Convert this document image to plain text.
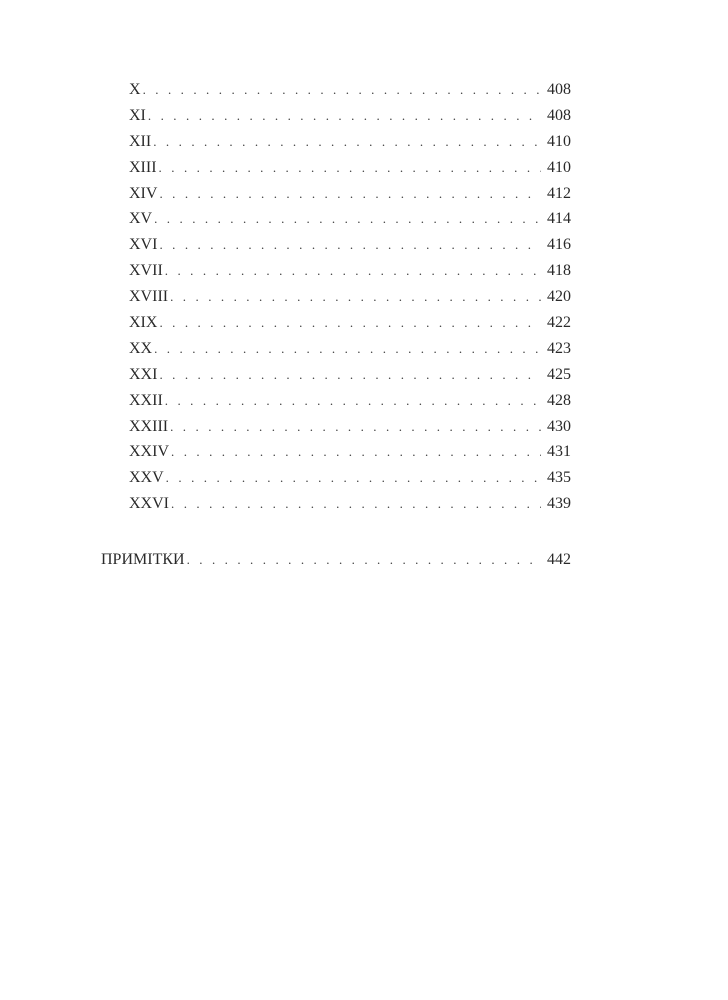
X . . .	408
XI . . .	408
XII . . .	410
XIII . . .	410
XIV . . .	412
XV . . .	414
XVI . . .	416
XVII . . .	418
XVIII . . .	420
XIX . . .	422
XX . . .	423
XXI . . .	425
XXII . . .	428
XXIII . . .	430
XXIV . . .	431
XXV . . .	435
XXVI . . .	439
ПРИМІТКИ . . .	442
